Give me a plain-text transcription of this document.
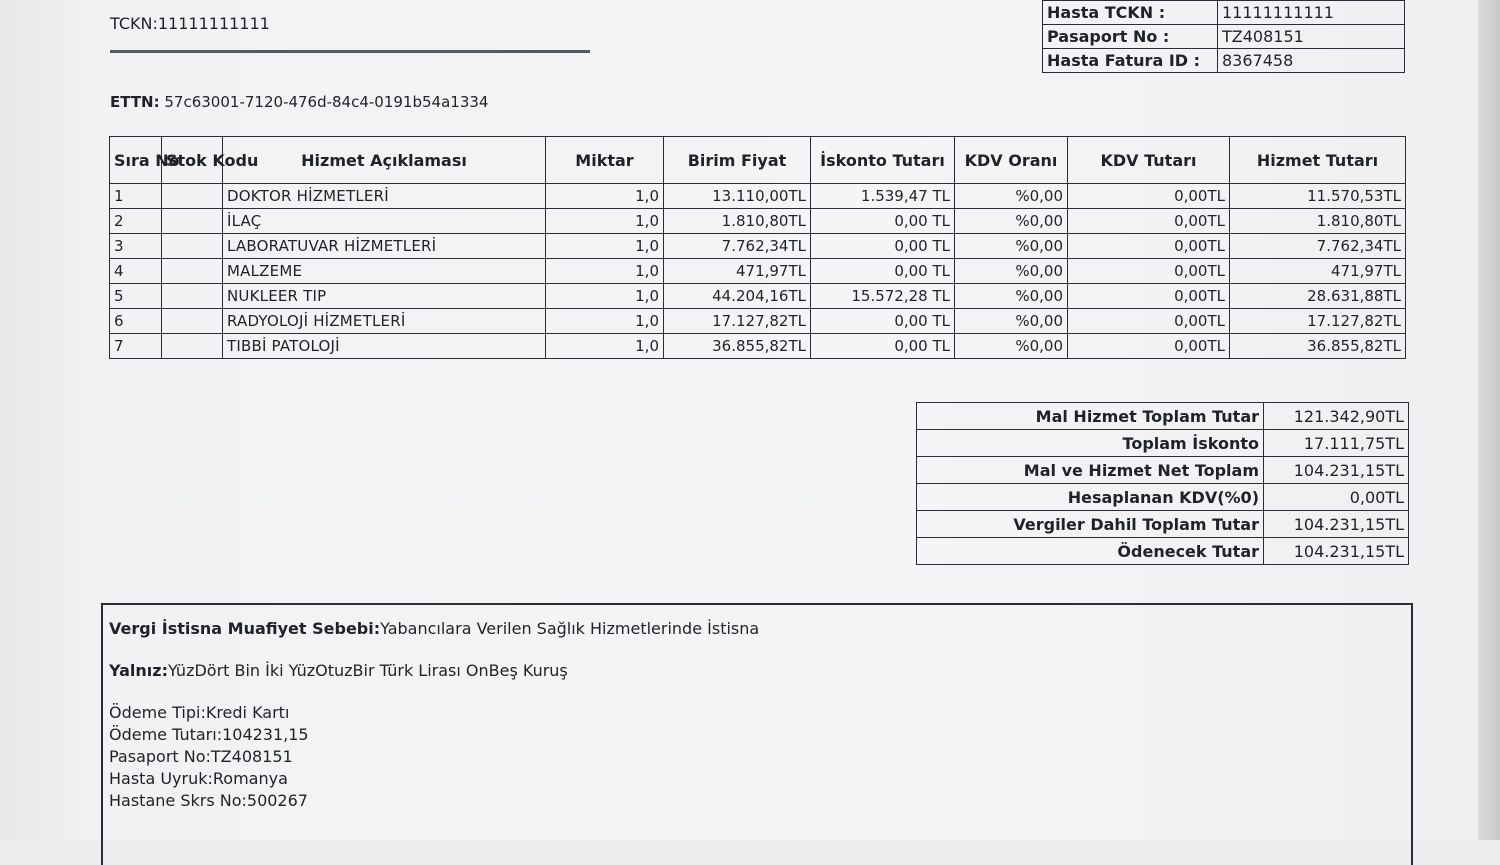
TCKN:11111111111
ETTN: 57c63001-7120-476d-84c4-0191b54a1334
Hasta TCKN :	11111111111
Pasaport No :	TZ408151
Hasta Fatura ID :	8367458
Sıra No	Stok Kodu	Hizmet Açıklaması	Miktar	Birim Fiyat	İskonto Tutarı	KDV Oranı	KDV Tutarı	Hizmet Tutarı
1		DOKTOR HİZMETLERİ	1,0	13.110,00TL	1.539,47 TL	%0,00	0,00TL	11.570,53TL
2		İLAÇ	1,0	1.810,80TL	0,00 TL	%0,00	0,00TL	1.810,80TL
3		LABORATUVAR HİZMETLERİ	1,0	7.762,34TL	0,00 TL	%0,00	0,00TL	7.762,34TL
4		MALZEME	1,0	471,97TL	0,00 TL	%0,00	0,00TL	471,97TL
5		NUKLEER TIP	1,0	44.204,16TL	15.572,28 TL	%0,00	0,00TL	28.631,88TL
6		RADYOLOJİ HİZMETLERİ	1,0	17.127,82TL	0,00 TL	%0,00	0,00TL	17.127,82TL
7		TIBBİ PATOLOJİ	1,0	36.855,82TL	0,00 TL	%0,00	0,00TL	36.855,82TL
Mal Hizmet Toplam Tutar	121.342,90TL
Toplam İskonto	17.111,75TL
Mal ve Hizmet Net Toplam	104.231,15TL
Hesaplanan KDV(%0)	0,00TL
Vergiler Dahil Toplam Tutar	104.231,15TL
Ödenecek Tutar	104.231,15TL
Vergi İstisna Muafiyet Sebebi:Yabancılara Verilen Sağlık Hizmetlerinde İstisna
Yalnız:YüzDört Bin İki YüzOtuzBir Türk Lirası OnBeş Kuruş
Ödeme Tipi:Kredi Kartı
Ödeme Tutarı:104231,15
Pasaport No:TZ408151
Hasta Uyruk:Romanya
Hastane Skrs No:500267
